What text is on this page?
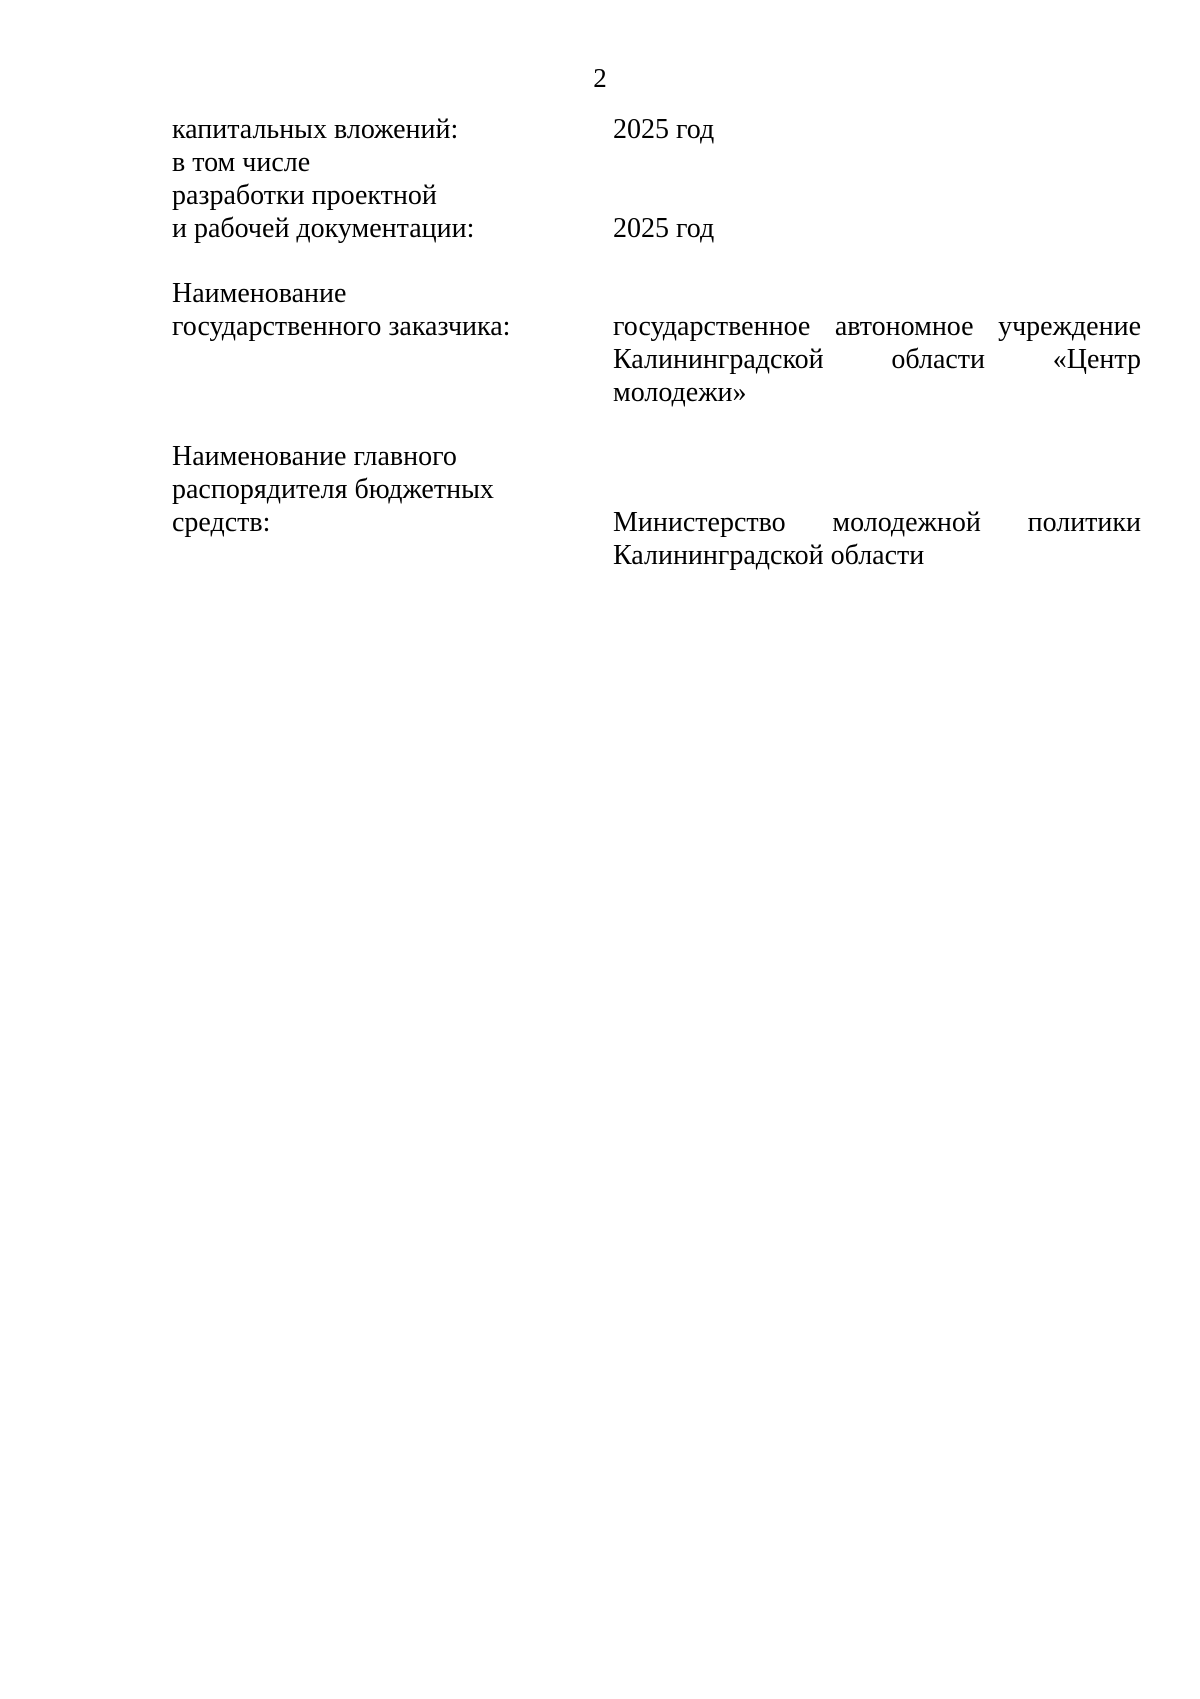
2
капитальных вложений:
в том числе
разработки проектной
и рабочей документации:
2025 год
2025 год
Наименование
государственного заказчика:	государственное автономное учреждение
Калининградской области «Центр
молодежи»
Наименование главного
распорядителя бюджетных
средств:	Министерство молодежной политики
Калининградской области
